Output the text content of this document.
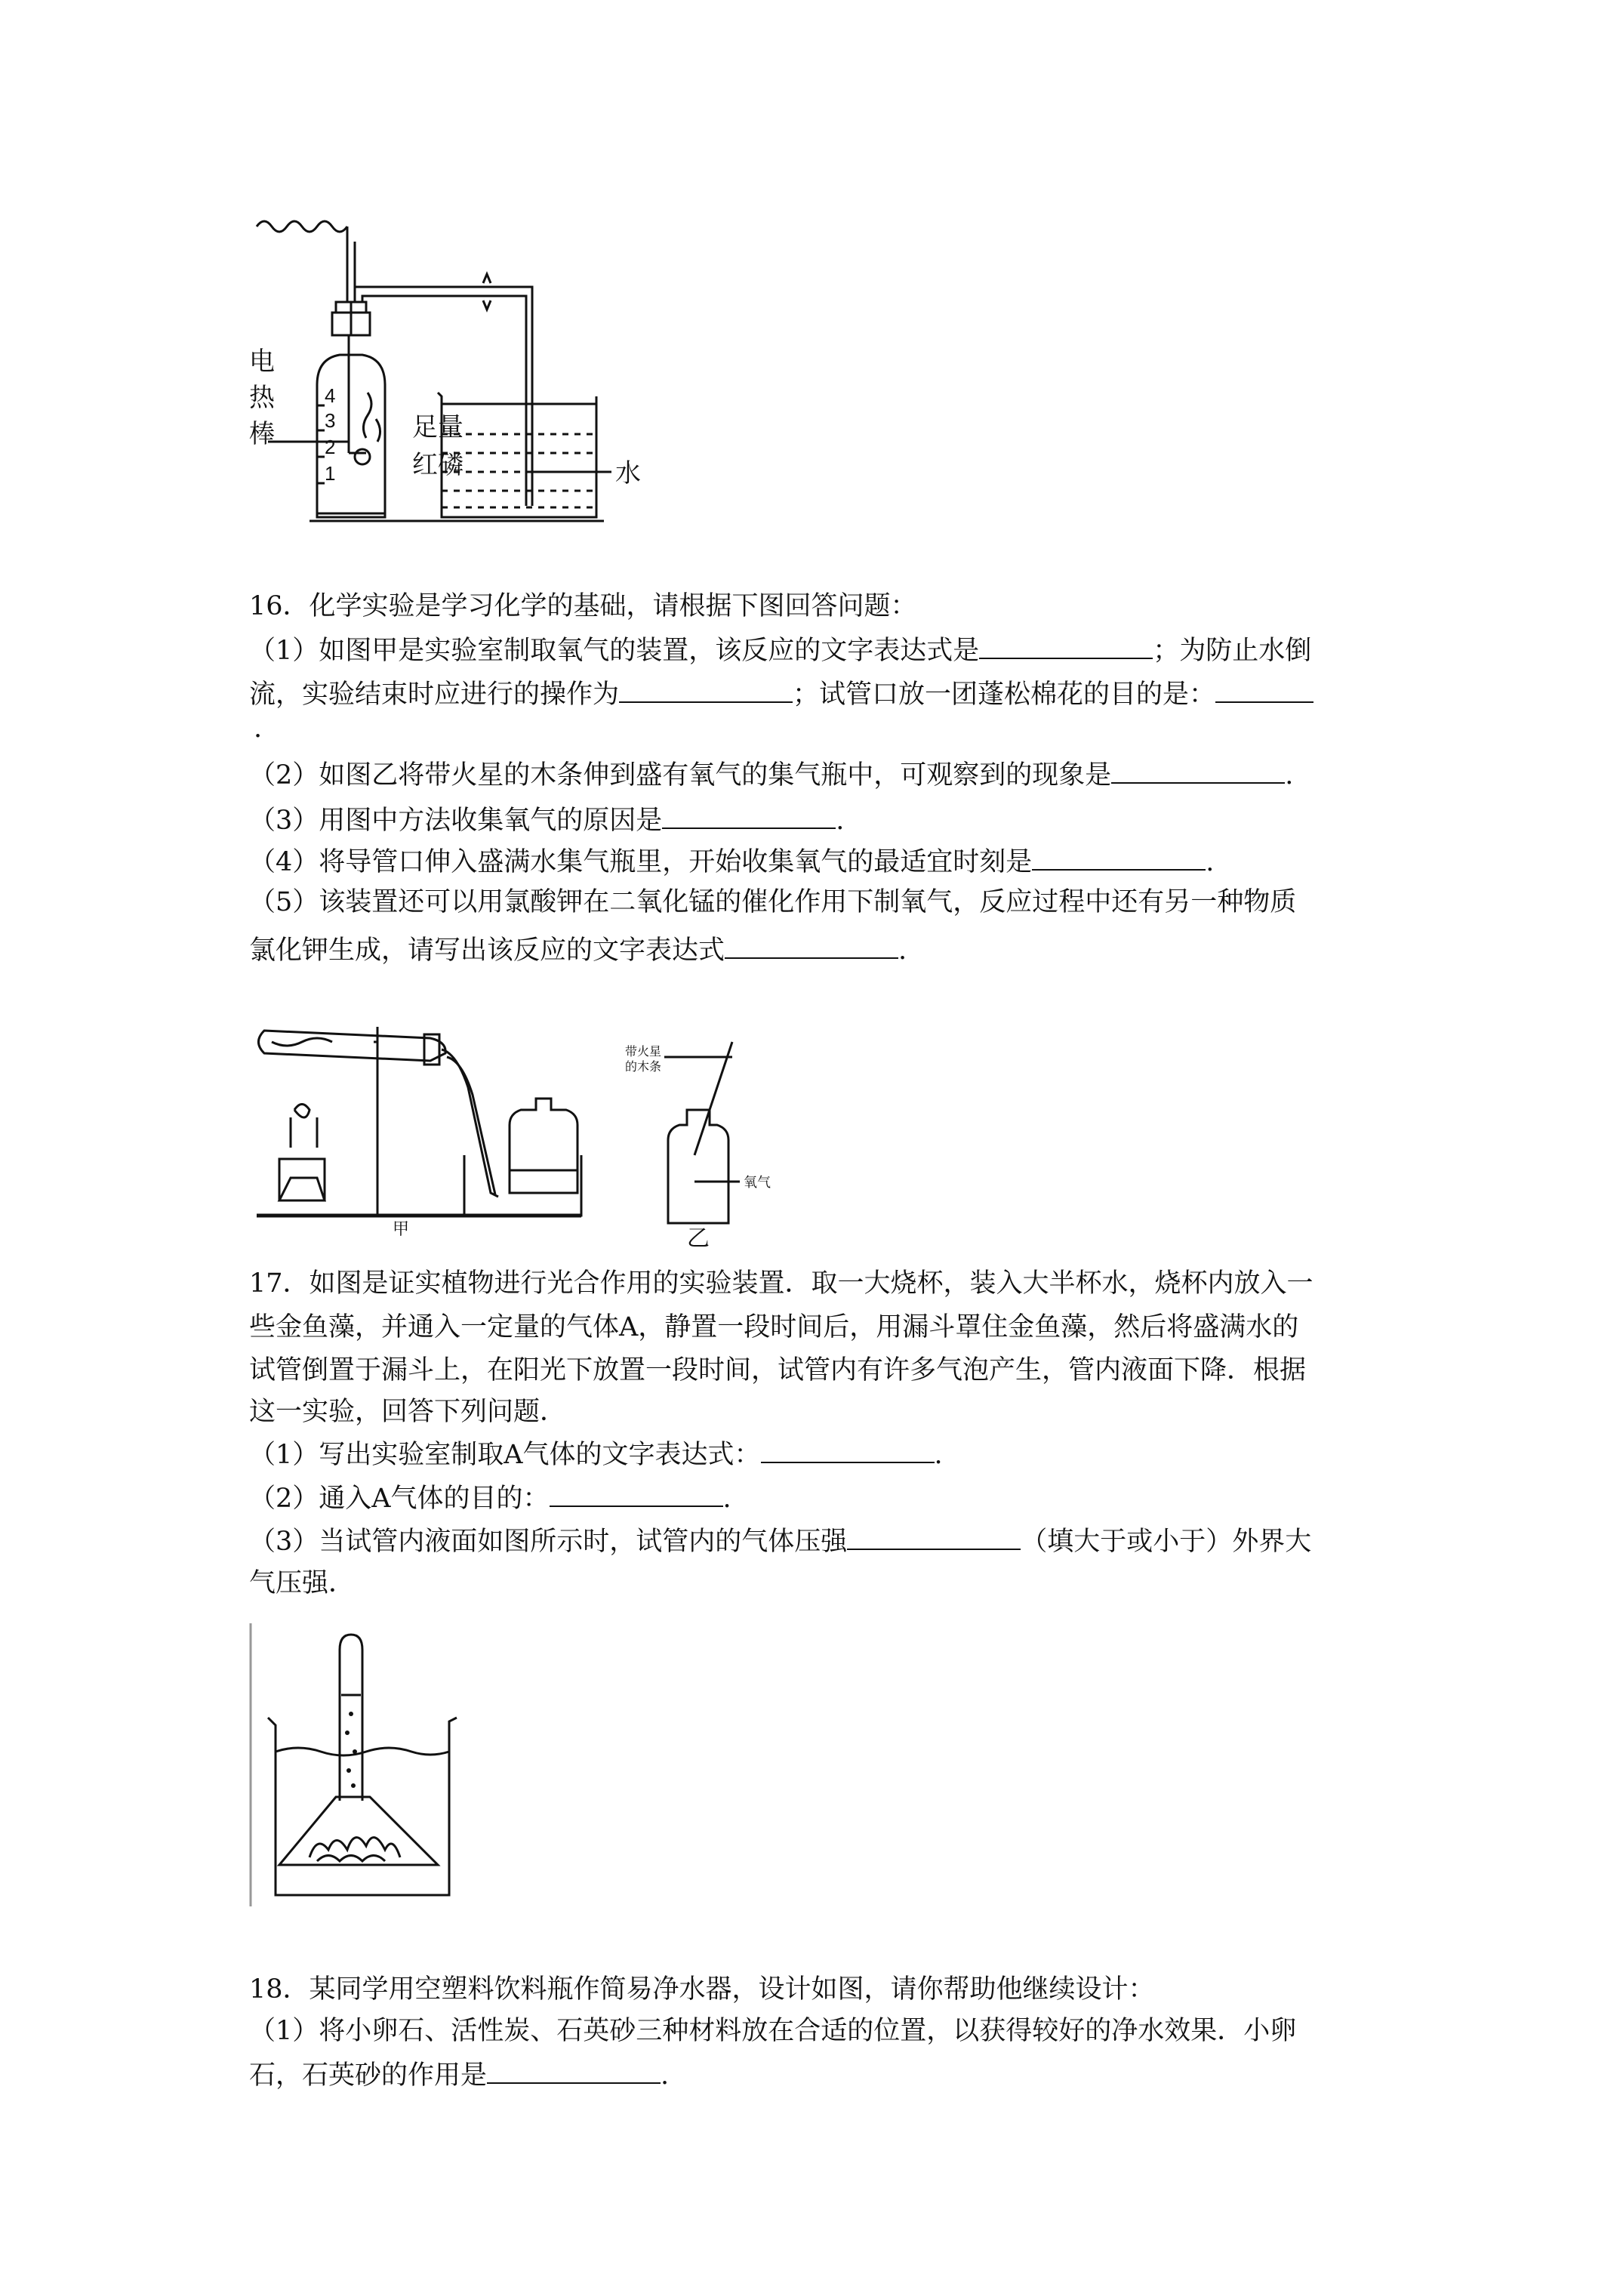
电
热
棒
4
3
2
1
足量
红磷	水
16．化学实验是学习化学的基础，请根据下图回答问题：
（1）如图甲是实验室制取氧气的装置，该反应的文字表达式是	；为防止水倒
流，实验结束时应进行的操作为	；试管口放一团蓬松棉花的目的是：
.
（2）如图乙将带火星的木条伸到盛有氧气的集气瓶中，可观察到的现象是	.
（3）用图中方法收集氧气的原因是	.
（4）将导管口伸入盛满水集气瓶里，开始收集氧气的最适宜时刻是	.
（5）该装置还可以用氯酸钾在二氧化锰的催化作用下制氧气，反应过程中还有另一种物质
氯化钾生成，请写出该反应的文字表达式	.
甲	乙
带火星
的木条
氧气
17．如图是证实植物进行光合作用的实验装置．取一大烧杯，装入大半杯水，烧杯内放入一
些金鱼藻，并通入一定量的气体A，静置一段时间后，用漏斗罩住金鱼藻，然后将盛满水的
试管倒置于漏斗上，在阳光下放置一段时间，试管内有许多气泡产生，管内液面下降．根据
这一实验，回答下列问题．
（1）写出实验室制取A气体的文字表达式：	.
（2）通入A气体的目的：	.
（3）当试管内液面如图所示时，试管内的气体压强	（填大于或小于）外界大
气压强．
18．某同学用空塑料饮料瓶作简易净水器，设计如图，请你帮助他继续设计：
（1）将小卵石、活性炭、石英砂三种材料放在合适的位置，以获得较好的净水效果．小卵
石，石英砂的作用是	.
